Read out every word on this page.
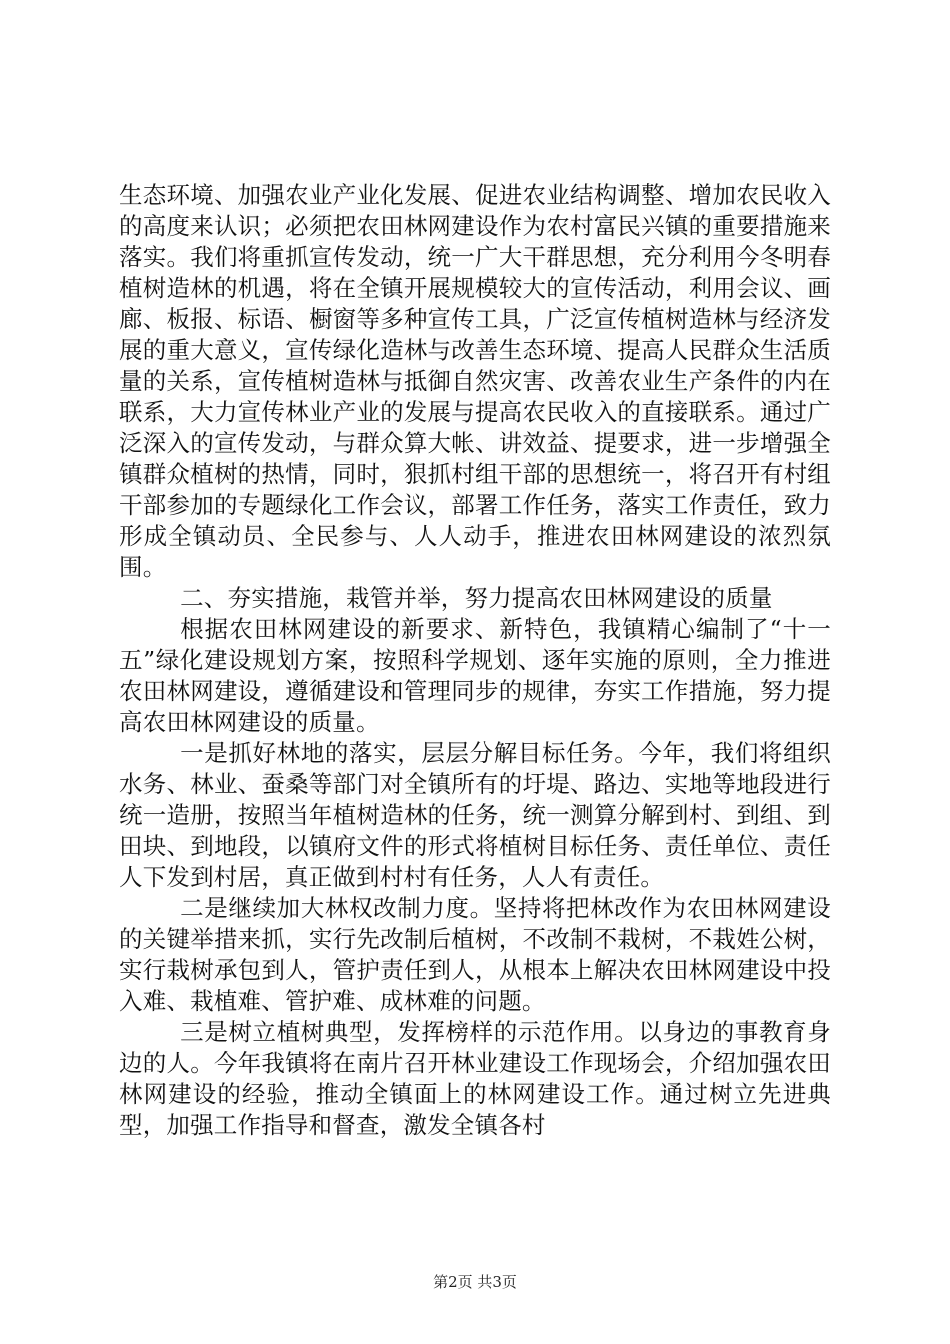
生态环境、加强农业产业化发展、促进农业结构调整、增加农民收入的高度来认识；必须把农田林网建设作为农村富民兴镇的重要措施来落实。我们将重抓宣传发动，统一广大干群思想，充分利用今冬明春植树造林的机遇，将在全镇开展规模较大的宣传活动，利用会议、画廊、板报、标语、橱窗等多种宣传工具，广泛宣传植树造林与经济发展的重大意义，宣传绿化造林与改善生态环境、提高人民群众生活质量的关系，宣传植树造林与抵御自然灾害、改善农业生产条件的内在联系，大力宣传林业产业的发展与提高农民收入的直接联系。通过广泛深入的宣传发动，与群众算大帐、讲效益、提要求，进一步增强全镇群众植树的热情，同时，狠抓村组干部的思想统一，将召开有村组干部参加的专题绿化工作会议，部署工作任务，落实工作责任，致力形成全镇动员、全民参与、人人动手，推进农田林网建设的浓烈氛围。

二、夯实措施，栽管并举，努力提高农田林网建设的质量

根据农田林网建设的新要求、新特色，我镇精心编制了“十一五”绿化建设规划方案，按照科学规划、逐年实施的原则，全力推进农田林网建设，遵循建设和管理同步的规律，夯实工作措施，努力提高农田林网建设的质量。

一是抓好林地的落实，层层分解目标任务。今年，我们将组织水务、林业、蚕桑等部门对全镇所有的圩堤、路边、实地等地段进行统一造册，按照当年植树造林的任务，统一测算分解到村、到组、到田块、到地段，以镇府文件的形式将植树目标任务、责任单位、责任人下发到村居，真正做到村村有任务，人人有责任。

二是继续加大林权改制力度。坚持将把林改作为农田林网建设的关键举措来抓，实行先改制后植树，不改制不栽树，不栽姓公树，实行栽树承包到人，管护责任到人，从根本上解决农田林网建设中投入难、栽植难、管护难、成林难的问题。

三是树立植树典型，发挥榜样的示范作用。以身边的事教育身边的人。今年我镇将在南片召开林业建设工作现场会，介绍加强农田林网建设的经验，推动全镇面上的林网建设工作。通过树立先进典型，加强工作指导和督查，激发全镇各村

第2页 共3页
